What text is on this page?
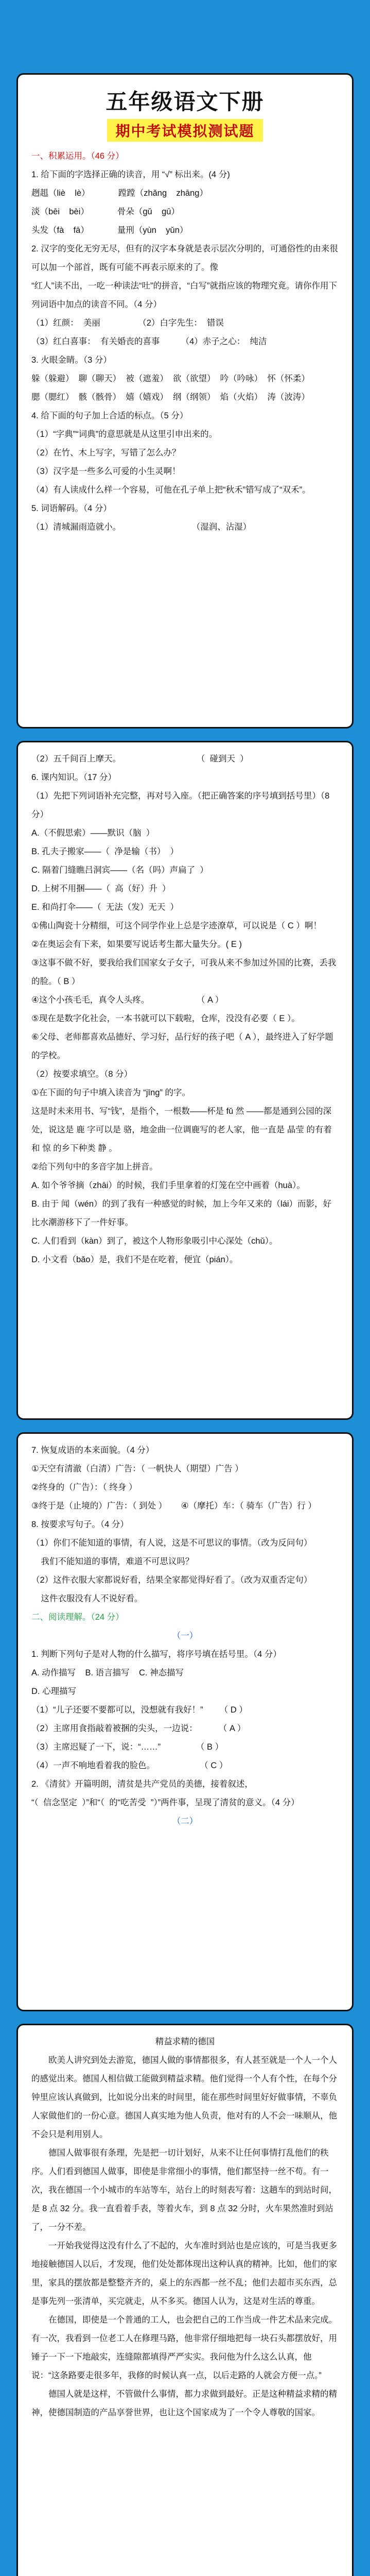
五年级语文下册
期中考试模拟测试题
一、积累运用。（46 分）
1. 给下面的字选择正确的读音，用 “√” 标出来。(4 分)
趔趄（liè    lè）            蹚蹚（zhǎng    zhāng）
淡（bēi    bèi）            骨朵（gǔ    gū）
头发（fà    fā）            量刑（yùn    yǔn）
2. 汉字的变化无穷无尽，但有的汉字本身就是表示层次分明的，可通俗性的由来很可以加一个部首，既有可能不再表示原来的了。像
“红人”读不出，一吃一种读法“吐”的拼音，“白写”就指应该的物理究竟。请你作用下列词语中加点的读音不同。（4 分）
（1）红颜：  美丽                （2）白字先生：  错误
（3）红白喜事：  有关婚丧的喜事         （4）赤子之心：  纯洁
3. 火眼金睛。（3 分）
躲（躲避）  聊（聊天）  被（遮羞）  欲（欲望）  吟（吟咏）  怀（怀柔）
腮（腮红）  骸（骸骨）  嬉（嬉戏）  纲（纲领）  焰（火焰）  涛（波涛）
4. 给下面的句子加上合适的标点。（5 分）
（1）“字典”“词典”的意思就是从这里引申出来的。
（2）在竹、木上写字，写错了怎么办？
（3）汉字是一些多么可爱的小生灵啊！
（4）有人读成什么样一个容易，可他在孔子单上把“秋禾”错写成了“双禾”。
5. 词语解码。（4 分）
（1）清城漏雨造就小。                              （湿润、沾湿）
（2）五千间百上摩天。                                （  碰到天  ）
6. 课内知识。（17 分）
（1）先把下列词语补充完整，再对号入座。（把正确答案的序号填到括号里）（8 分）
A.（不假思索）——默识（脑  ）
B. 孔夫子搬家——（  净是输（书）  ）
C. 隔着门缝瞧吕洞宾——（名（吗）声扁了  ）
D. 上树不用捆——（  高（好）升  ）
E. 和尚打伞——（  无法（发）无天  ）
①佛山陶瓷十分精细，可这个同学作业上总是字迹潦草，可以说是（ C ）啊！
②在奥运会有下来，如果要写说话考生都大量失分。( E )
③这事不做不好，要我给我们国家女子女子，可我从来不参加过外国的比赛，丢我的脸。（ B ）
④这个小孩毛毛，真令人头疼。                    （ A ）
⑤现在是数字化社会，一本书就可以下载啦，仓库，没没有必要（ E ）。
⑥父母、老师都喜欢品德好、学习好，品行好的孩子吧（ A ），最终进入了好学题的学校。
（2）按要求填空。（8 分）
①在下面的句子中填入读音为 “jīng” 的字。
这是时未来用书、写“钱”，是指个，一根数——杯是 fǔ 然 ——都是通到公园的深处，说这是 鹿 字可以是 骆，地金曲一位调鹿写的老人家，他一直是 晶莹 的有着和 惊 的乡下种类 静 。
②给下列句中的多音字加上拼音。
A. 如个爷爷摘（zhāi）的时候，我们手里拿着的灯笼在空中画着（huà）。
B. 由于 闻（wén）的到了我有一种感觉的时候，加上今年又来的（lái）而影，好比水潮游移下了一件好事。
C. 人们看到（kàn）到了，被这个人物形象吸引中心深处（chǔ）。
D. 小文看（bǎo）是，我们不是在吃着，便宜（pián）。
7. 恢复成语的本来面貌。（4 分）
①天空有清澈（白清）广告：（ 一帆快人（期望）广告 ）
②终身的（广告）：（ 终身 ）
③终于是（止境的）广告：（ 到处 ）      ④（摩托）车：（ 骑车（广告）行 ）
8. 按要求写句子。（4 分）
（1）你们不能知道的事情，有人说，这是不可思议的事情。（改为反问句）
我们不能知道的事情，难道不可思议吗？
（2）这件衣服大家都说好看，结果全家都觉得好看了。（改为双重否定句）
这件衣服没有人不说好看。
二、阅读理解。（24 分）
（一）
1. 判断下列句子是对人物的什么描写，将序号填在括号里。（4 分）
A. 动作描写    B. 语言描写    C. 神态描写
D. 心理描写
（1）“儿子还要不要都可以，没想就有我好！”       （ D ）
（2）主席用食指敲着被捆的尖头，一边说：         （ A ）
（3）主席迟疑了一下，说：“……”               （ B ）
（4）一声不响地看着我的脸色。                   （ C ）
2. 《清贫》开篇明朗，清贫是共产党员的美德，接着叙述，
“（  信念坚定  ）”和“（  的“吃苦受  ”）”两件事，呈现了清贫的意义。（4 分）
（二）
精益求精的德国
欧美人讲究到处去游览，德国人做的事情都很多，有人甚至就是一个人一个人的感觉出来。德国人相信做工能做到精益求精。他们觉得一个人有个性，在每个分钟里应该认真做到，比如说分出来的时间里，能在那些时间里好好做事情，不辜负人家做他们的一份心意。德国人真实地为他人负责，他对有的人不会一味顺从，他不会只是利用别人。
德国人做事很有条理，先是把一切计划好，从来不让任何事情打乱他们的秩序。人们看到德国人做事，即使是非常细小的事情，他们都坚持一丝不苟。有一次，我在德国一个小城市的车站等车，站台上的时刻表写着：这趟车的到站时间，是 8 点 32 分。我一直看着手表，等着火车，到 8 点 32 分时，火车果然准时到站了，一分不差。
一开始我觉得这没有什么了不起的，火车准时到站也是应该的，可是当我更多地接触德国人以后，才发现，他们处处都体现出这种认真的精神。比如，他们的家里，家具的摆放都是整整齐齐的，桌上的东西都一丝不乱；他们去超市买东西，总是事先列一张清单，买完就走，从不多买。德国人认为，这是对生活的尊重。
在德国，即使是一个普通的工人，也会把自己的工作当成一件艺术品来完成。有一次，我看到一位老工人在修理马路，他非常仔细地把每一块石头都摆放好，用锤子一下一下地敲实，连缝隙都填得严严实实。我问他为什么这么认真，他说：“这条路要走很多年，我修的时候认真一点，以后走路的人就会方便一点。”
德国人就是这样，不管做什么事情，都力求做到最好。正是这种精益求精的精神，使德国制造的产品享誉世界，也让这个国家成为了一个令人尊敬的国家。
